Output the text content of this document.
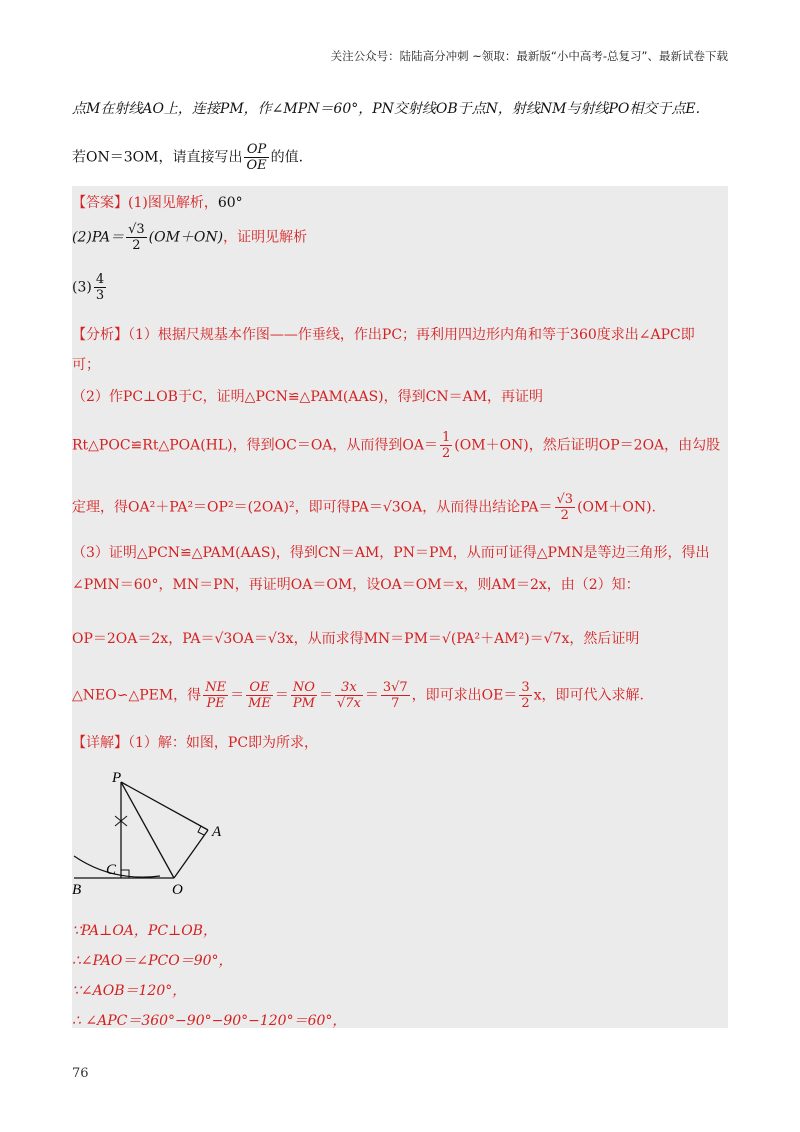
关注公众号：陆陆高分冲刺 ~领取：最新版“小中高考-总复习”、最新试卷下载
点M在射线AO上，连接PM，作∠MPN＝60°，PN交射线OB于点N，射线NM与射线PO相交于点E.
若ON＝3OM，请直接写出 $\frac{OP}{OE}$ 的值.
【答案】(1)图见解析，60°
$(2)PA= \frac{√3}{2} (OM+ON)$，证明见解析
$(3) \frac{4}{3}$
【分析】（1）根据尺规基本作图——作垂线，作出PC；再利用四边形内角和等于360度求出∠APC即
可；
（2）作PC⊥OB于C，证明△PCN≌△PAM(AAS)，得到CN＝AM，再证明
Rt△POC≌Rt△POA(HL)，得到OC＝OA，从而得到$OA= \frac{1}{2} (OM+ON)$，然后证明OP＝2OA，由勾股
定理，得OA²＋PA²＝OP²＝(2OA)²，即可得PA＝√3OA，从而得出结论$PA= \frac{√3}{2} (OM+ON)$.
（3）证明△PCN≌△PAM(AAS)，得到CN＝AM，PN＝PM，从而可证得△PMN是等边三角形，得出
∠PMN＝60°，MN＝PN，再证明OA＝OM，设OA＝OM＝x，则AM＝2x，由（2）知：
OP＝2OA＝2x，PA＝√3OA＝√3x，从而求得MN＝PM＝√(PA²＋AM²)＝√7x，然后证明
△NEO∽△PEM，得 $\frac{NE}{PE} = \frac{OE}{ME} = \frac{NO}{PM} = \frac{3x}{√7x} = \frac{3√7}{7}$ ，即可求出$OE= \frac{3}{2}$ x，即可代入求解.
【详解】（1）解：如图，PC即为所求，
P
A
C
B	O
∵PA⊥OA，PC⊥OB，
∴∠PAO＝∠PCO＝90°，
∵∠AOB＝120°，
∴ ∠APC＝360°−90°−90°−120°＝60°，
76
